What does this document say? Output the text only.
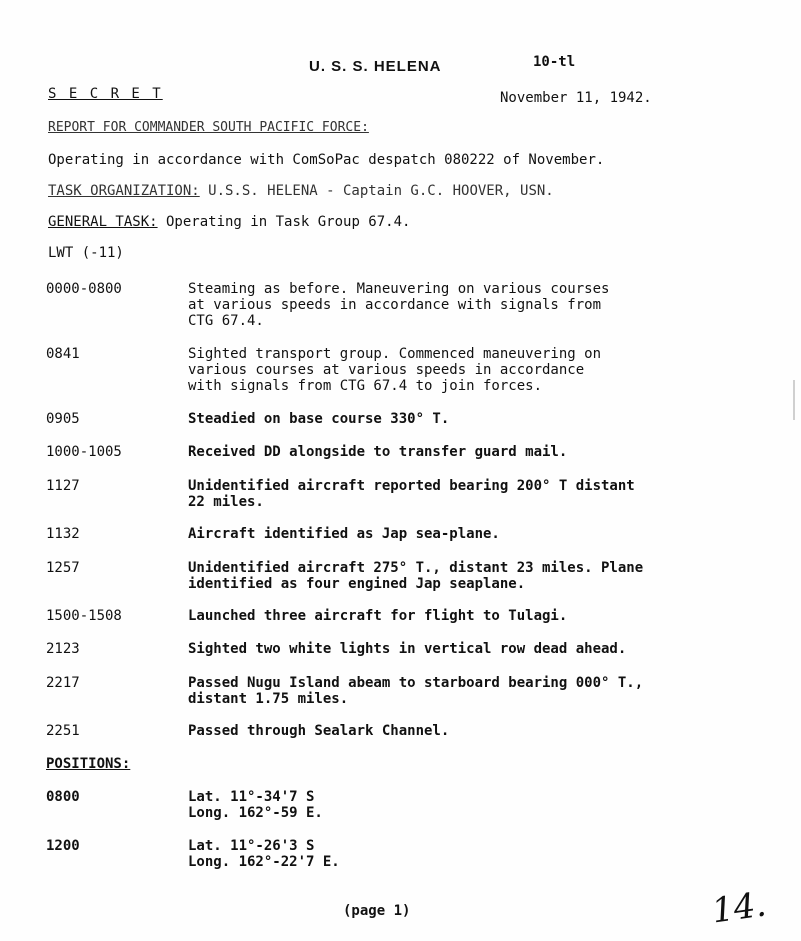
U. S. S. HELENA	10-tl
S E C R E T	November 11, 1942.
REPORT FOR COMMANDER SOUTH PACIFIC FORCE:
Operating in accordance with ComSoPac despatch 080222 of November.
TASK ORGANIZATION: U.S.S. HELENA - Captain G.C. HOOVER, USN.
GENERAL TASK: Operating in Task Group 67.4.
LWT (-11)
0000-0800	Steaming as before. Maneuvering on various courses
at various speeds in accordance with signals from
CTG 67.4.
0841	Sighted transport group. Commenced maneuvering on
various courses at various speeds in accordance
with signals from CTG 67.4 to join forces.
0905	Steadied on base course 330° T.
1000-1005	Received DD alongside to transfer guard mail.
1127	Unidentified aircraft reported bearing 200° T distant
22 miles.
1132	Aircraft identified as Jap sea-plane.
1257	Unidentified aircraft 275° T., distant 23 miles. Plane
identified as four engined Jap seaplane.
1500-1508	Launched three aircraft for flight to Tulagi.
2123	Sighted two white lights in vertical row dead ahead.
2217	Passed Nugu Island abeam to starboard bearing 000° T.,
distant 1.75 miles.
2251	Passed through Sealark Channel.
POSITIONS:
0800	Lat. 11°-34'7 S
Long. 162°-59 E.
1200	Lat. 11°-26'3 S
Long. 162°-22'7 E.
(page 1)	14.
